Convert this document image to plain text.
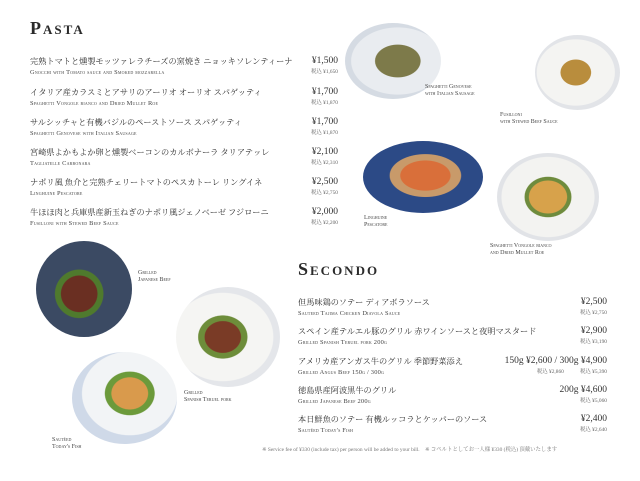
Pasta
完熟トマトと燻製モッツァレラチーズの窯焼き ニョッキソレンティーナ
Gnocchi with Tomato sauce and Smoked mozzarella
¥1,500
税込 ¥1,650
イタリア産カラスミとアサリのアーリオ オーリオ スパゲッティ
Spaghetti Vongole bianco and Dried Mullet Roe
¥1,700
税込 ¥1,870
サルシッチャと有機バジルのペーストソース スパゲッティ
Spaghetti Genovese with Italian Sausage
¥1,700
税込 ¥1,870
宮崎県よかもよか卵と燻製ベーコンのカルボナーラ タリアテッレ
Tagliatelle Carbonara
¥2,100
税込 ¥2,310
ナポリ風 魚介と完熟チェリートマトのペスカトーレ リングイネ
Linghuine Pescatore
¥2,500
税込 ¥2,750
牛ほほ肉と兵庫県産新玉ねぎのナポリ風ジェノベーゼ フジローニ
Fusilloni with Stewed Beef Sauce
¥2,000
税込 ¥2,200
Spaghetti Genovese
with Italian Sausage
Fusilloni
with Stewed Beef Sauce
Linghuine
Pescatore
Spaghetti Vongole bianco
and Dried Mullet Roe
Grilled
Japanese Beef
Grilled
Spanish Teruel pork
Sautéed
Today's Fish
Secondo
但馬味鶏のソテー ディアボラソース
Sauteed Tajima Chicken Diavola Sauce
¥2,500
税込 ¥2,750
スペイン産テルエル豚のグリル 赤ワインソースと夜明マスタード
Grilled Spanish Teruel pork 200g
¥2,900
税込 ¥3,190
アメリカ産アンガス牛のグリル 季節野菜添え
Grilled Angus Beef 150g / 300g
150g ¥2,600 / 300g ¥4,900
税込 ¥2,860　　　税込 ¥5,390
徳島県産阿波黒牛のグリル
Grilled Japanese Beef 200g
200g ¥4,600
税込 ¥5,060
本日鮮魚のソテー 有機ルッコラとケッパーのソース
Sautéed Today's Fish
¥2,400
税込 ¥2,640
※ Service fee of ¥330 (include tax) per person will be added to your bill. ※ コペルトとしてお一人様 ¥330 (税込) 頂戴いたします
